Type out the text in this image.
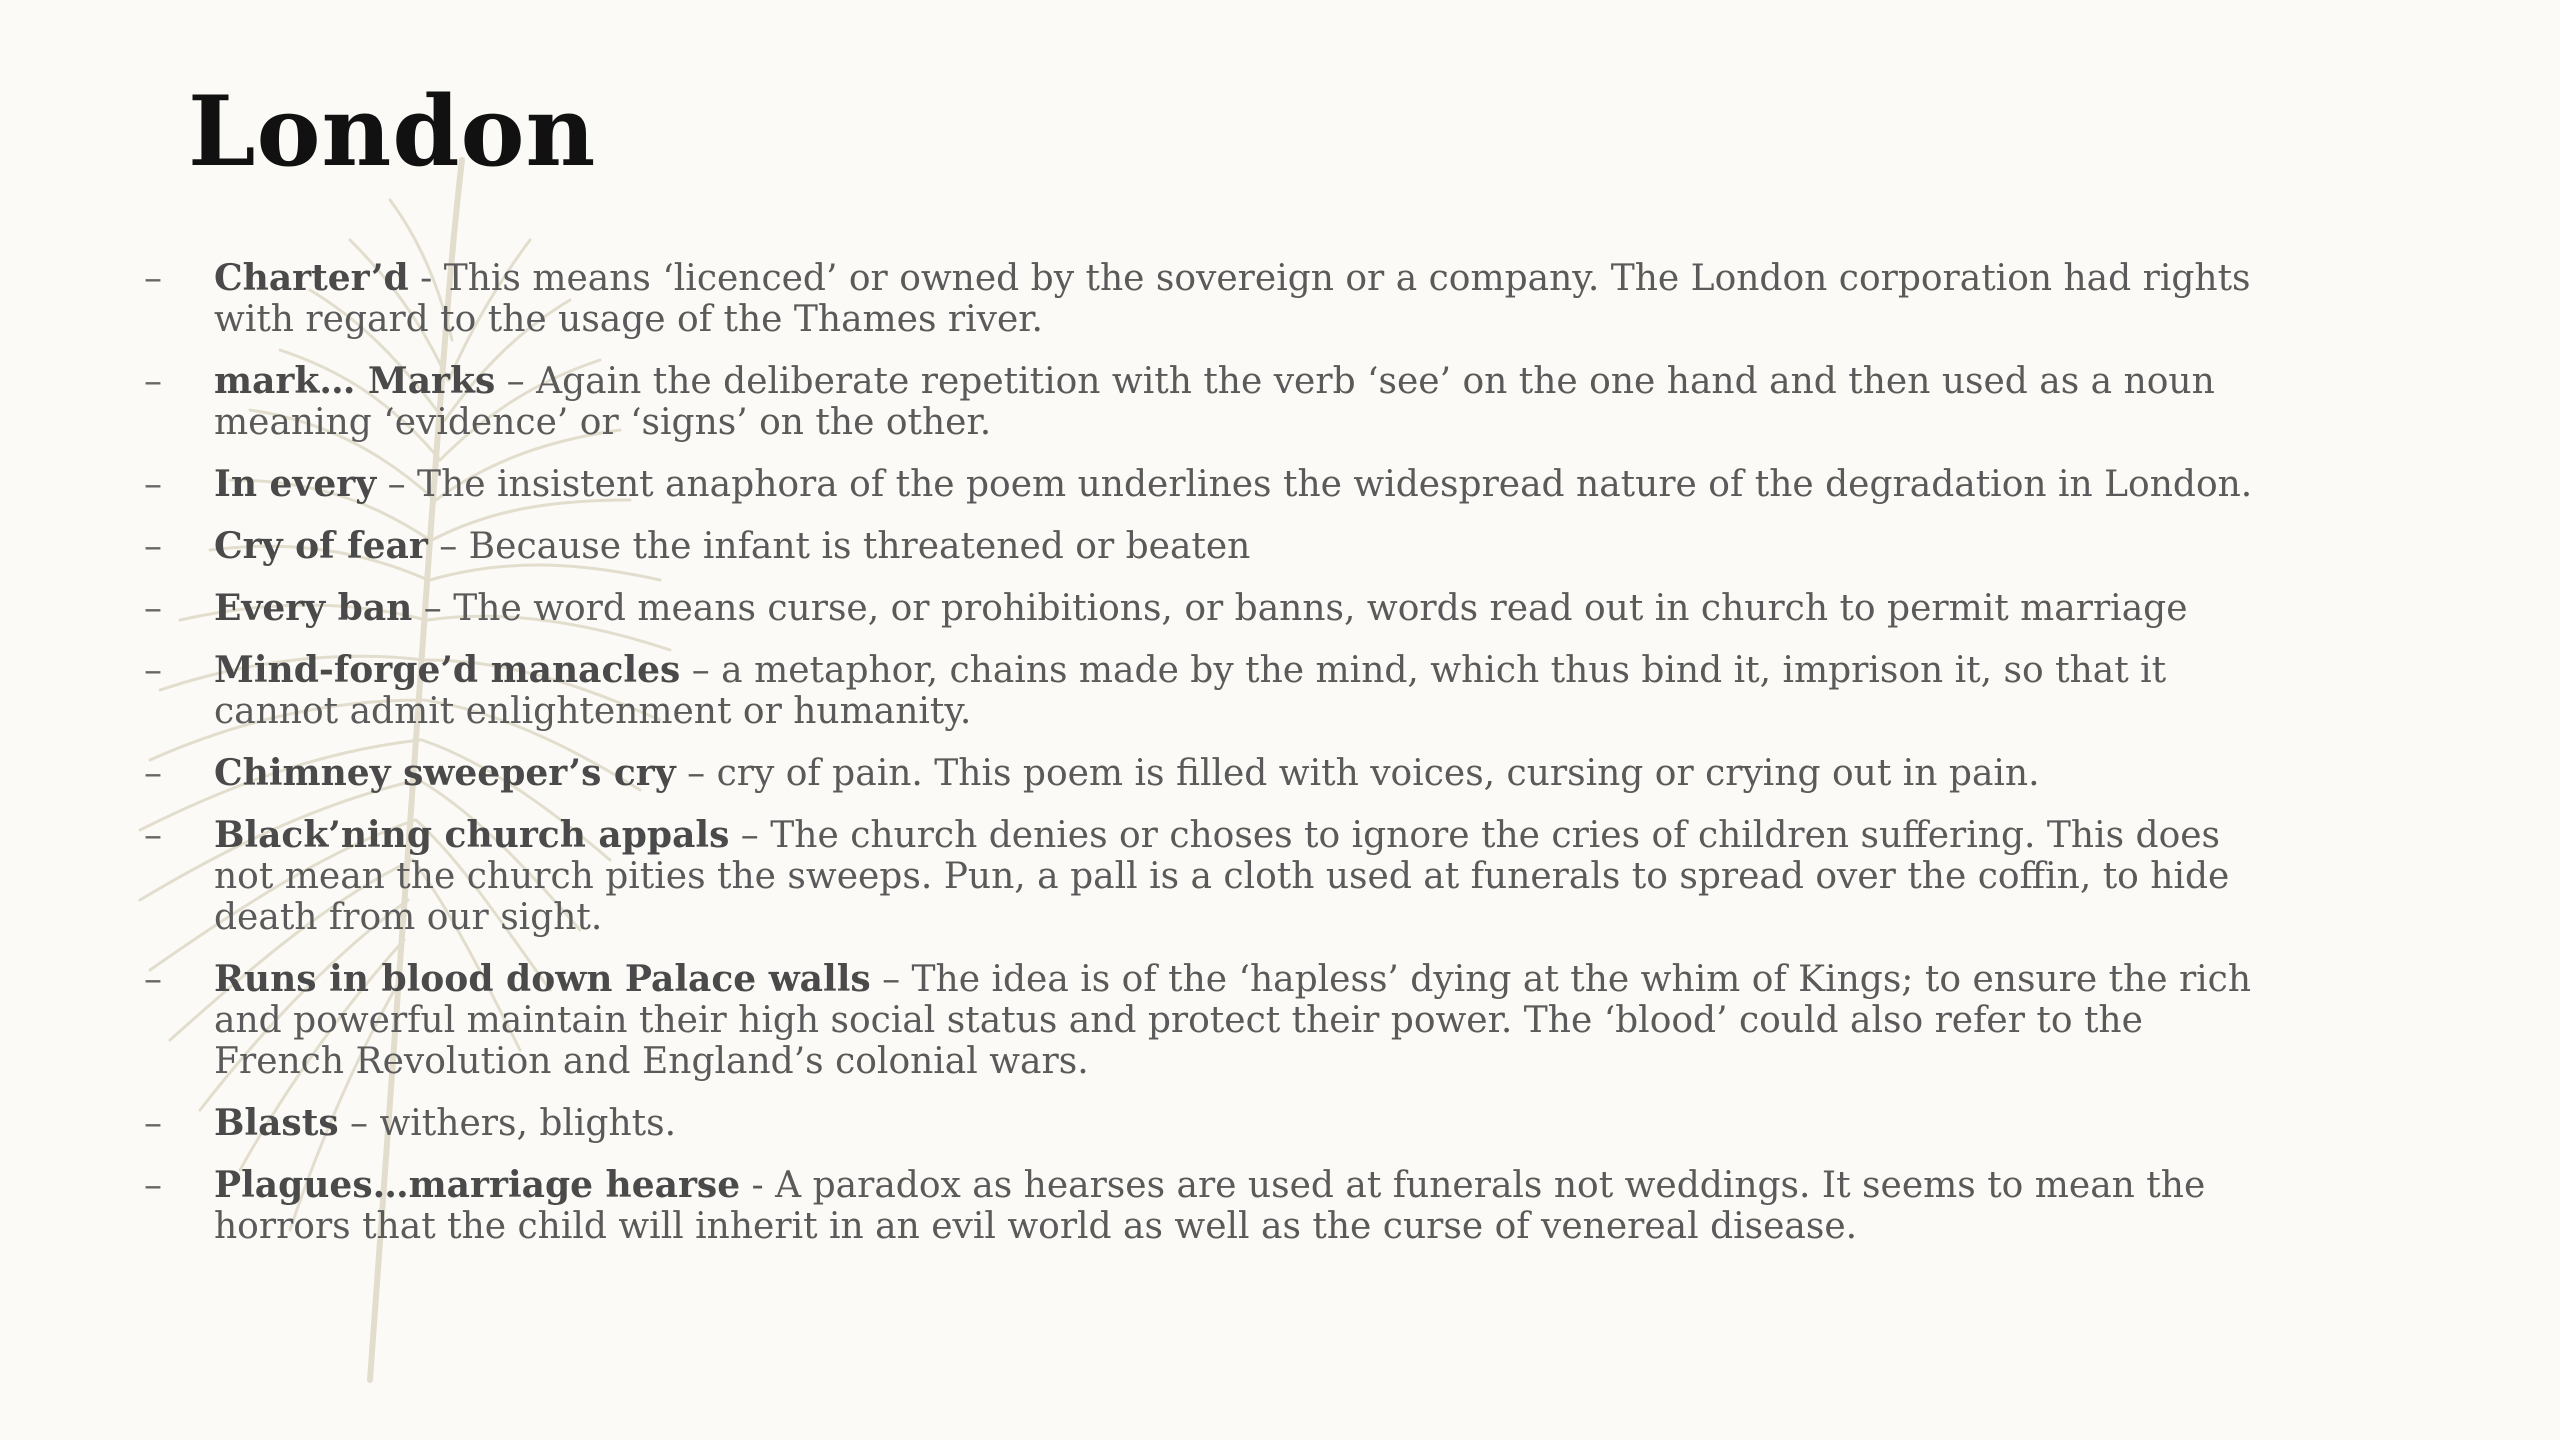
London
– Charter’d - This means ‘licenced’ or owned by the sovereign or a company. The London corporation had rights with regard to the usage of the Thames river.
– mark… Marks – Again the deliberate repetition with the verb ‘see’ on the one hand and then used as a noun meaning ‘evidence’ or ‘signs’ on the other.
– In every – The insistent anaphora of the poem underlines the widespread nature of the degradation in London.
– Cry of fear – Because the infant is threatened or beaten
– Every ban – The word means curse, or prohibitions, or banns, words read out in church to permit marriage
– Mind-forge’d manacles – a metaphor, chains made by the mind, which thus bind it, imprison it, so that it cannot admit enlightenment or humanity.
– Chimney sweeper’s cry – cry of pain. This poem is filled with voices, cursing or crying out in pain.
– Black’ning church appals – The church denies or choses to ignore the cries of children suffering. This does not mean the church pities the sweeps. Pun, a pall is a cloth used at funerals to spread over the coffin, to hide death from our sight.
– Runs in blood down Palace walls – The idea is of the ‘hapless’ dying at the whim of Kings; to ensure the rich and powerful maintain their high social status and protect their power. The ‘blood’ could also refer to the French Revolution and England’s colonial wars.
– Blasts – withers, blights.
– Plagues…marriage hearse - A paradox as hearses are used at funerals not weddings. It seems to mean the horrors that the child will inherit in an evil world as well as the curse of venereal disease.
